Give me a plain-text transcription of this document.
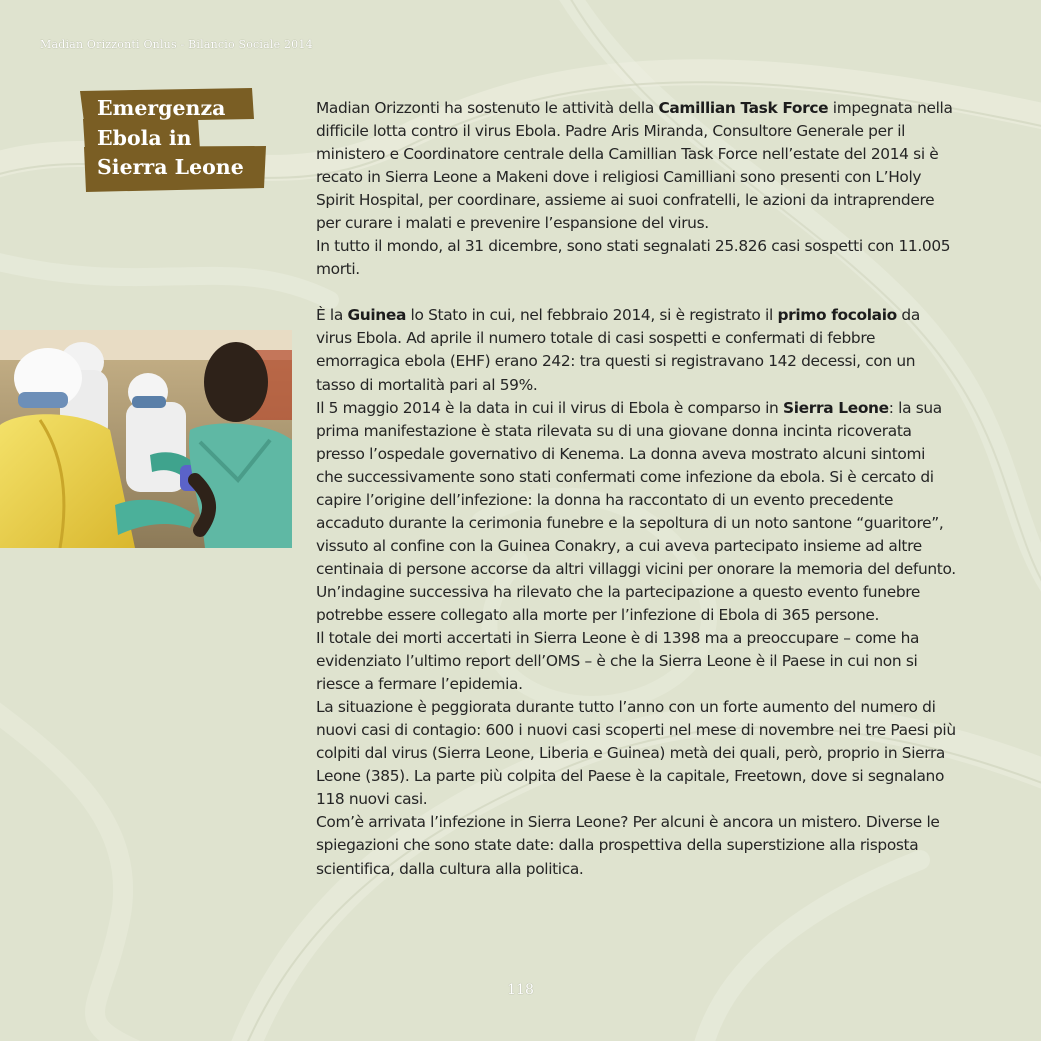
Madian Orizzonti Onlus - Bilancio Sociale 2014
Emergenza
Ebola in
Sierra Leone

Madian Orizzonti ha sostenuto le attività della Camillian Task Force impegnata nella difficile lotta contro il virus Ebola. Padre Aris Miranda, Consultore Generale per il ministero e Coordinatore centrale della Camillian Task Force nell’estate del 2014 si è recato in Sierra Leone a Makeni dove i religiosi Camilliani sono presenti con L’Holy Spirit Hospital, per coordinare, assieme ai suoi confratelli, le azioni da intraprendere per curare i malati e prevenire l’espansione del virus.

In tutto il mondo, al 31 dicembre, sono stati segnalati 25.826 casi sospetti con 11.005 morti.

È la Guinea lo Stato in cui, nel febbraio 2014, si è registrato il primo focolaio da virus Ebola. Ad aprile il numero totale di casi sospetti e confermati di febbre emorragica ebola (EHF) erano 242: tra questi si registravano 142 decessi, con un tasso di mortalità pari al 59%.

Il 5 maggio 2014 è la data in cui il virus di Ebola è comparso in Sierra Leone: la sua prima manifestazione è stata rilevata su di una giovane donna incinta ricoverata presso l’ospedale governativo di Kenema. La donna aveva mostrato alcuni sintomi che successivamente sono stati confermati come infezione da ebola. Si è cercato di capire l’origine dell’infezione: la donna ha raccontato di un evento precedente accaduto durante la cerimonia funebre e la sepoltura di un noto santone “guaritore”, vissuto al confine con la Guinea Conakry, a cui aveva partecipato insieme ad altre centinaia di persone accorse da altri villaggi vicini per onorare la memoria del defunto.

Un’indagine successiva ha rilevato che la partecipazione a questo evento funebre potrebbe essere collegato alla morte per l’infezione di Ebola di 365 persone.

Il totale dei morti accertati in Sierra Leone è di 1398 ma a preoccupare – come ha evidenziato l’ultimo report dell’OMS – è che la Sierra Leone è il Paese in cui non si riesce a fermare l’epidemia.

La situazione è peggiorata durante tutto l’anno con un forte aumento del numero di nuovi casi di contagio: 600 i nuovi casi scoperti nel mese di novembre nei tre Paesi più colpiti dal virus (Sierra Leone, Liberia e Guinea) metà dei quali, però, proprio in Sierra Leone (385). La parte più colpita del Paese è la capitale, Freetown, dove si segnalano 118 nuovi casi.

Com’è arrivata l’infezione in Sierra Leone? Per alcuni è ancora un mistero. Diverse le spiegazioni che sono state date: dalla prospettiva della superstizione alla risposta scientifica, dalla cultura alla politica.

118
